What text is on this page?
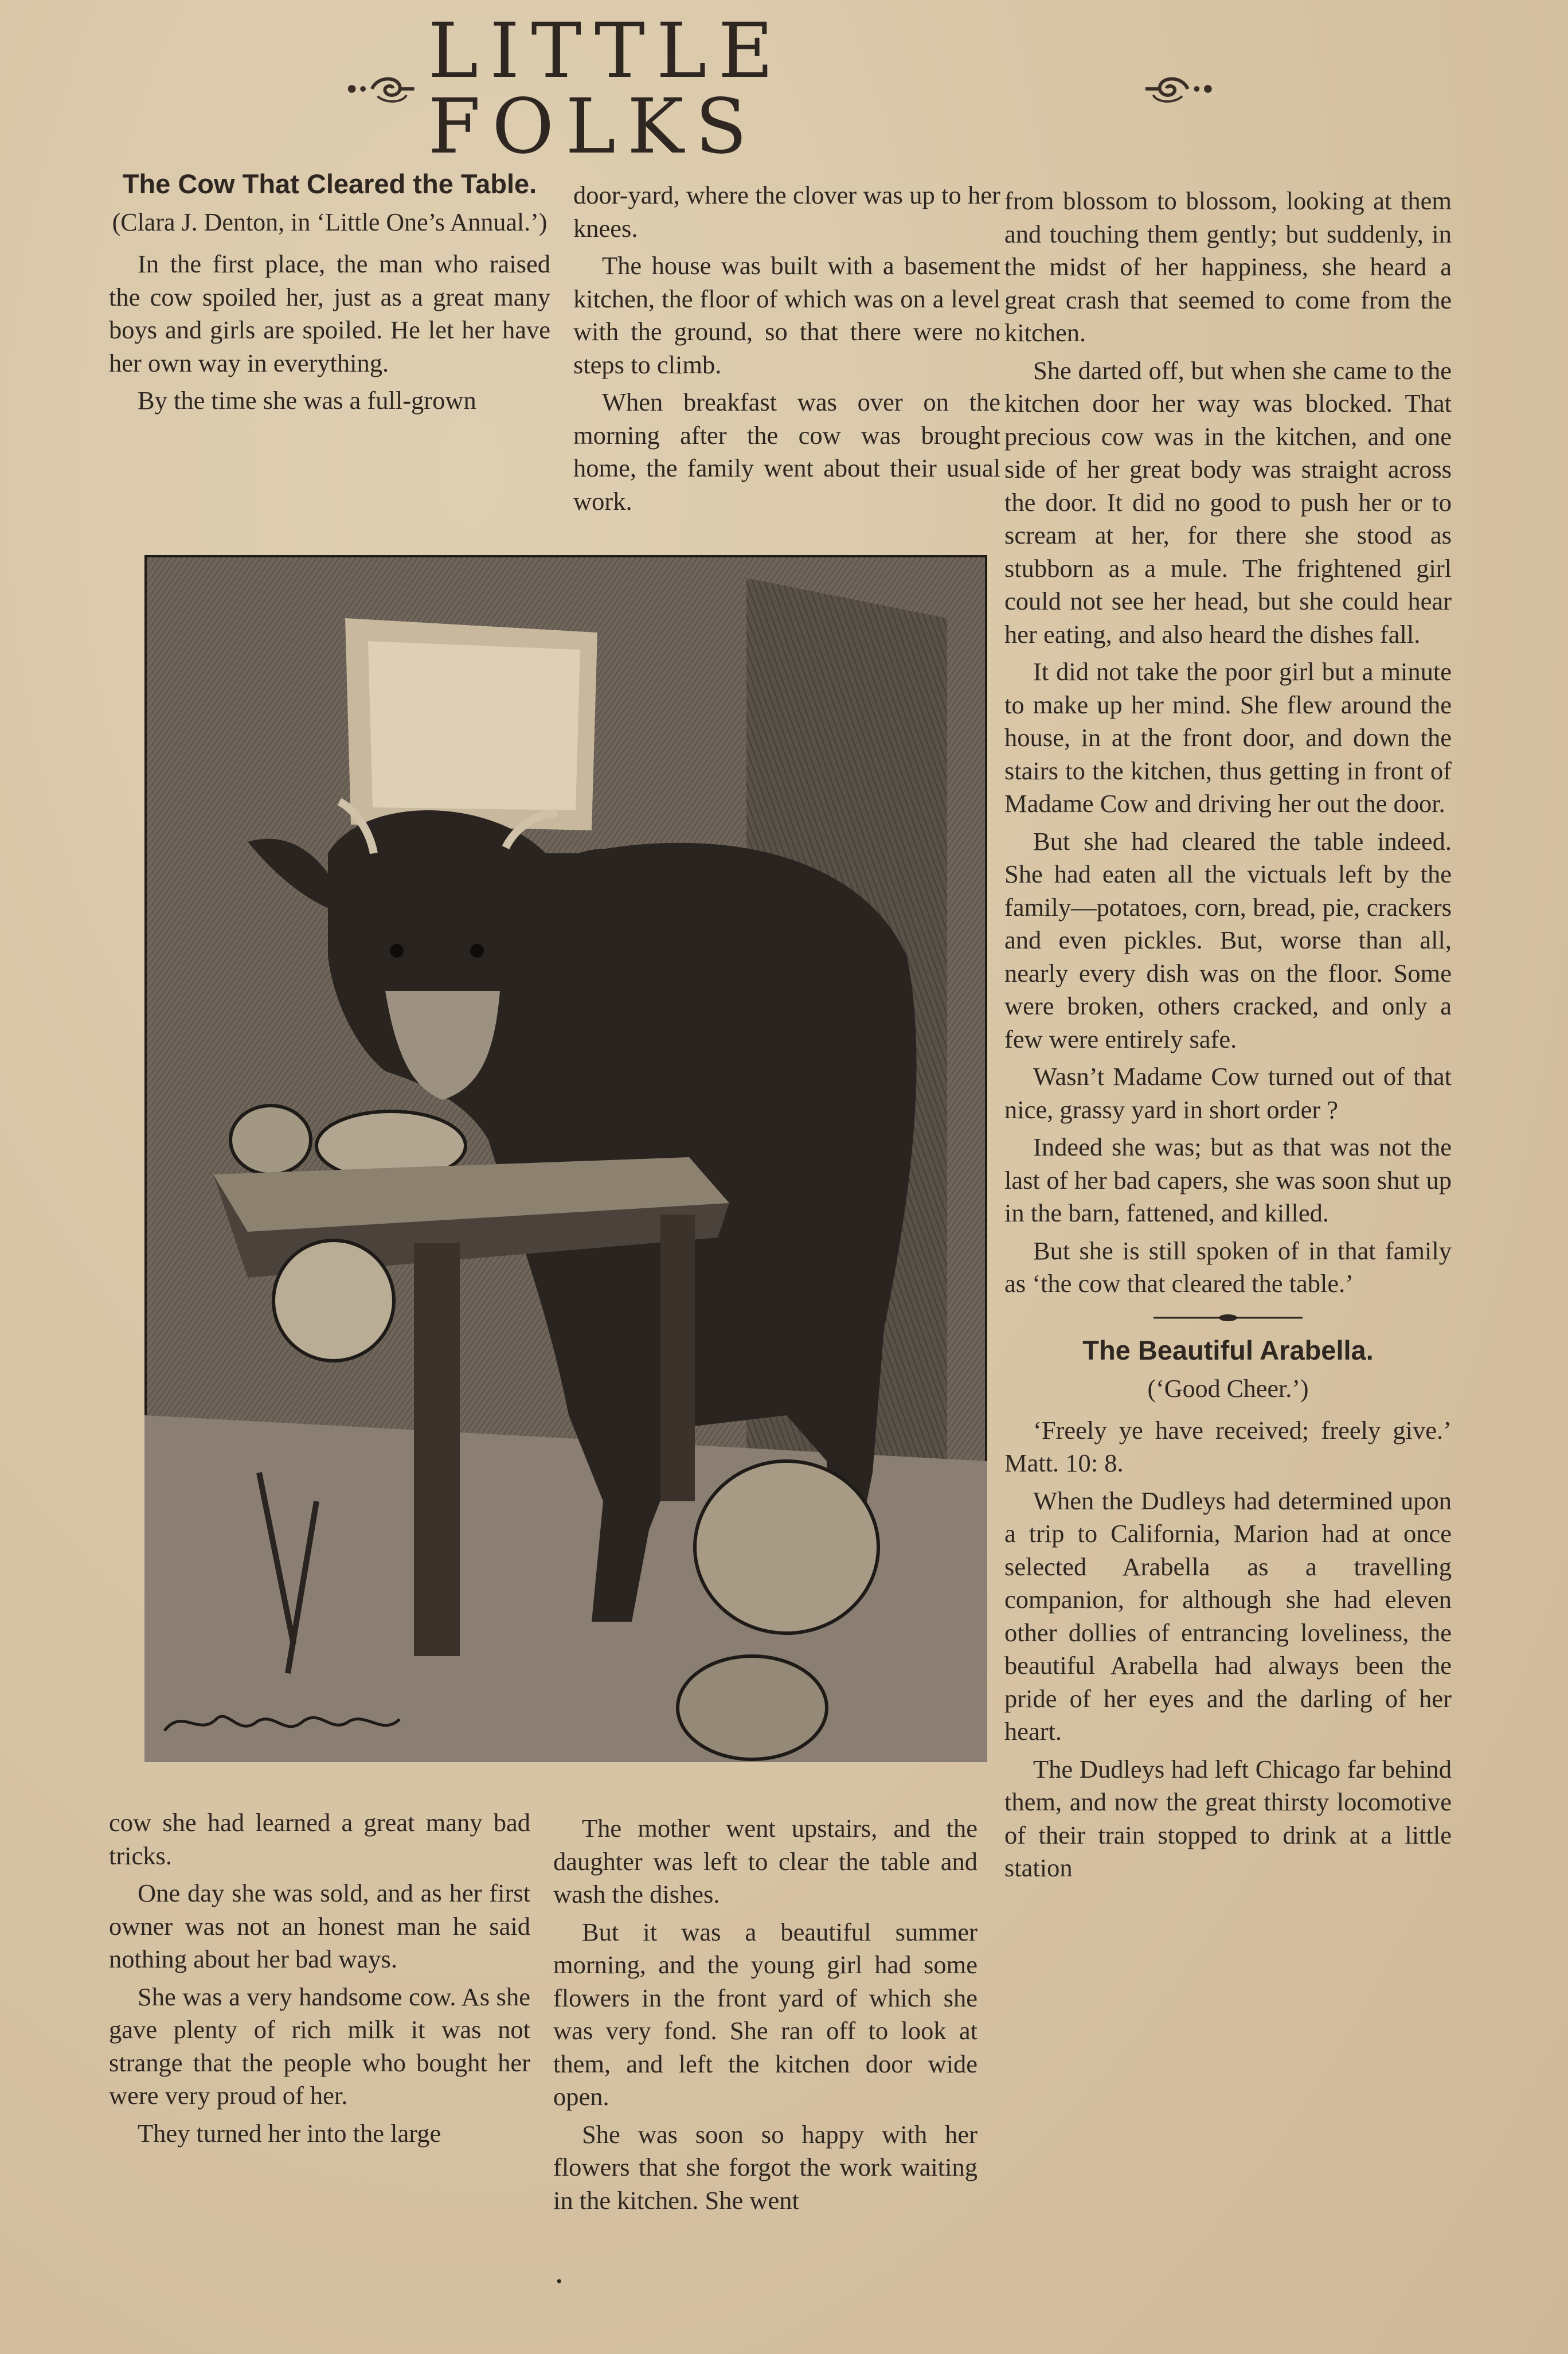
LITTLE FOLKS
The Cow That Cleared the Table.
(Clara J. Denton, in ‘Little One’s Annual.’)

In the first place, the man who raised the cow spoiled her, just as a great many boys and girls are spoiled. He let her have her own way in everything.

By the time she was a full-grown

door-yard, where the clover was up to her knees.

The house was built with a basement kitchen, the floor of which was on a level with the ground, so that there were no steps to climb.

When breakfast was over on the morning after the cow was brought home, the family went about their usual work.

cow she had learned a great many bad tricks.

One day she was sold, and as her first owner was not an honest man he said nothing about her bad ways.

She was a very handsome cow. As she gave plenty of rich milk it was not strange that the people who bought her were very proud of her.

They turned her into the large

The mother went upstairs, and the daughter was left to clear the table and wash the dishes.

But it was a beautiful summer morning, and the young girl had some flowers in the front yard of which she was very fond. She ran off to look at them, and left the kitchen door wide open.

She was soon so happy with her flowers that she forgot the work waiting in the kitchen. She went

from blossom to blossom, looking at them and touching them gently; but suddenly, in the midst of her happiness, she heard a great crash that seemed to come from the kitchen.

She darted off, but when she came to the kitchen door her way was blocked. That precious cow was in the kitchen, and one side of her great body was straight across the door. It did no good to push her or to scream at her, for there she stood as stubborn as a mule. The frightened girl could not see her head, but she could hear her eating, and also heard the dishes fall.

It did not take the poor girl but a minute to make up her mind. She flew around the house, in at the front door, and down the stairs to the kitchen, thus getting in front of Madame Cow and driving her out the door.

But she had cleared the table indeed. She had eaten all the victuals left by the family—potatoes, corn, bread, pie, crackers and even pickles. But, worse than all, nearly every dish was on the floor. Some were broken, others cracked, and only a few were entirely safe.

Wasn’t Madame Cow turned out of that nice, grassy yard in short order ?

Indeed she was; but as that was not the last of her bad capers, she was soon shut up in the barn, fattened, and killed.

But she is still spoken of in that family as ‘the cow that cleared the table.’

The Beautiful Arabella.
(‘Good Cheer.’)

‘Freely ye have received; freely give.’ Matt. 10: 8.

When the Dudleys had determined upon a trip to California, Marion had at once selected Arabella as a travelling companion, for although she had eleven other dollies of entrancing loveliness, the beautiful Arabella had always been the pride of her eyes and the darling of her heart.

The Dudleys had left Chicago far behind them, and now the great thirsty locomotive of their train stopped to drink at a little station

•
